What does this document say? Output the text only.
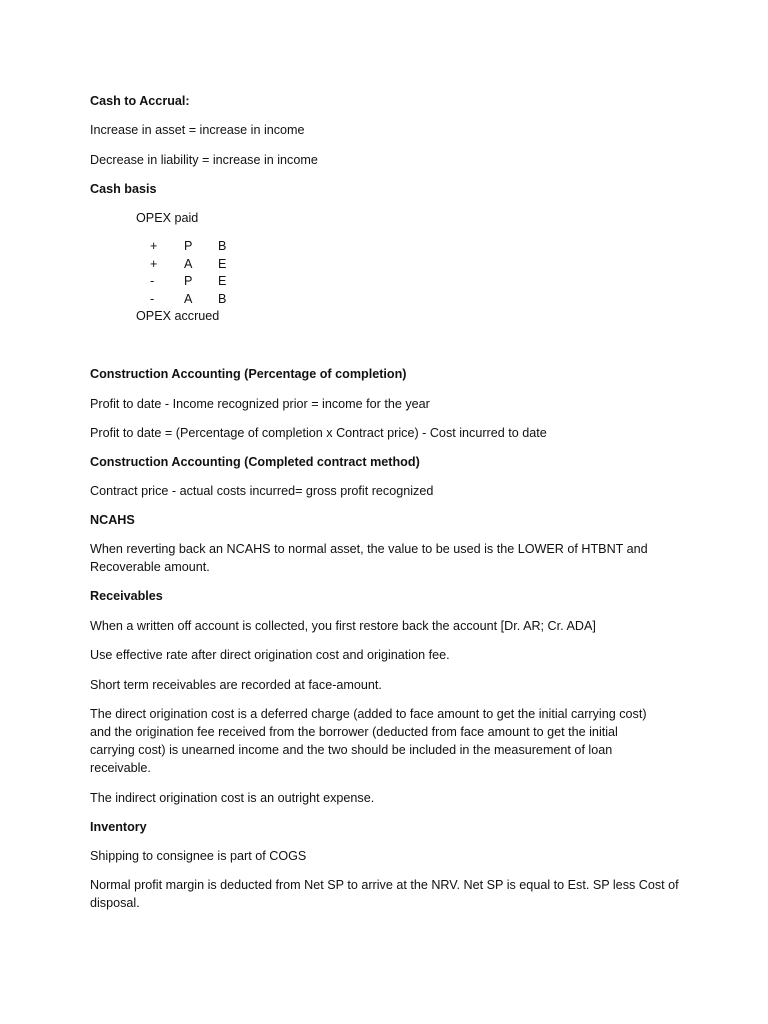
Cash to Accrual:
Increase in asset = increase in income
Decrease in liability = increase in income
Cash basis
OPEX paid
+	P	B
+	A	E
-	P	E
-	A	B
OPEX accrued
Construction Accounting (Percentage of completion)
Profit to date - Income recognized prior = income for the year
Profit to date = (Percentage of completion x Contract price) - Cost incurred to date
Construction Accounting (Completed contract method)
Contract price - actual costs incurred= gross profit recognized
NCAHS
When reverting back an NCAHS to normal asset, the value to be used is the LOWER of HTBNT and Recoverable amount.
Receivables
When a written off account is collected, you first restore back the account [Dr. AR; Cr. ADA]
Use effective rate after direct origination cost and origination fee.
Short term receivables are recorded at face-amount.
The direct origination cost is a deferred charge (added to face amount to get the initial carrying cost) and the origination fee received from the borrower (deducted from face amount to get the initial carrying cost) is unearned income and the two should be included in the measurement of loan receivable.
The indirect origination cost is an outright expense.
Inventory
Shipping to consignee is part of COGS
Normal profit margin is deducted from Net SP to arrive at the NRV. Net SP is equal to Est. SP less Cost of disposal.
